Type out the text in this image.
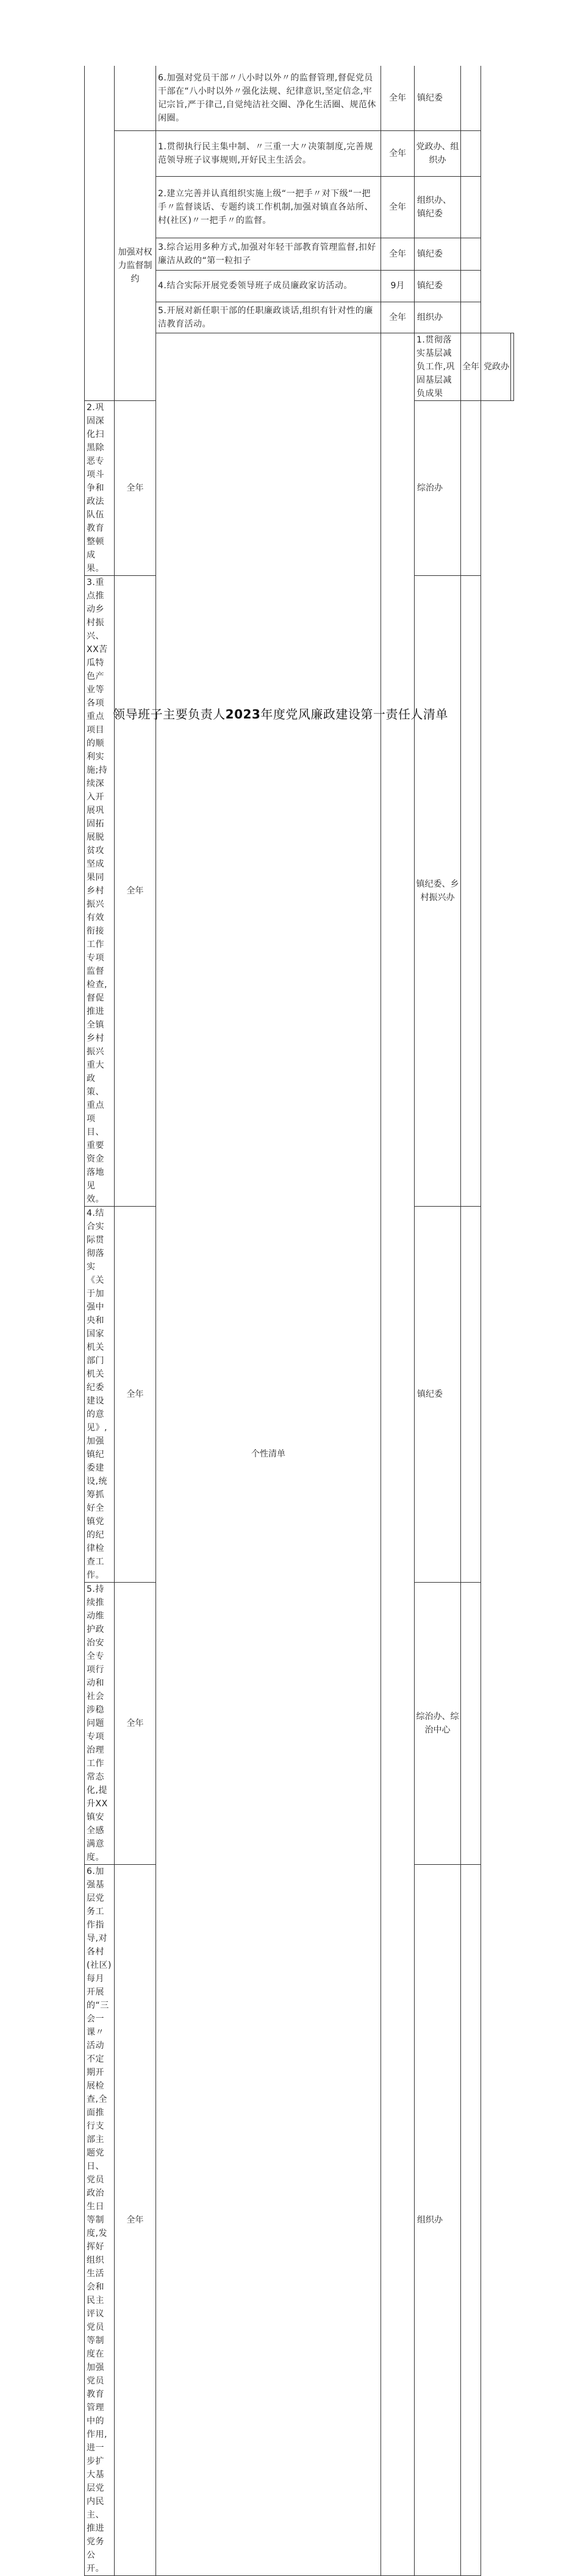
		6.加强对党员干部〃八小时以外〃的监督管理,督促党员干部在“八小时以外〃强化法规、纪律意识,坚定信念,牢记宗旨,严于律己,自觉纯洁社交圈、净化生活圈、规范休闲圈。	全年	镇纪委			
	加强对权力监督制约	1.贯彻执行民主集中制、〃三重一大〃决策制度,完善规范领导班子议事规则,开好民主生活会。	全年	党政办、组织办			
		2.建立完善并认真组织实施上级“一把手〃对下级“一把手〃监督谈话、专题约谈工作机制,加强对镇直各站所、村(社区)〃一把手〃的监督。	全年	组织办、镇纪委			
		3.综合运用多种方式,加强对年轻干部教育管理监督,扣好廉洁从政的“第一粒扣子	全年	镇纪委			
		4.结合实际开展党委领导班子成员廉政家访活动。	9月	镇纪委			
		5.开展对新任职干部的任职廉政谈话,组织有针对性的廉洁教育活动。	全年	组织办			
		个性清单		1.贯彻落实基层减负工作,巩固基层减负成果	全年	党政办	
2.巩固深化扫黑除恶专项斗争和政法队伍教育整顿成果。	全年			综治办			
3.重点推动乡村振兴、XX苦瓜特色产业等各项重点项目的顺利实施;持续深入开展巩固拓展脱贫攻坚成果同乡村振兴有效衔接工作专项监督检查,督促推进全镇乡村振兴重大政策、重点项目、重要资金落地见效。	全年			镇纪委、乡村振兴办			
4.结合实际贯彻落实《关于加强中央和国家机关部门机关纪委建设的意见》,加强镇纪委建设,统筹抓好全镇党的纪律检查工作。	全年			镇纪委			
5.持续推动维护政治安全专项行动和社会涉稳问题专项治理工作常态化,提升XX镇安全感满意度。	全年			综治办、综治中心			
6.加强基层党务工作指导,对各村(社区)每月开展的“三会一课〃活动不定期开展检查,全面推行支部主题党日、党员政治生日等制度,发挥好组织生活会和民主评议党员等制度在加强党员教育管理中的作用,进一步扩大基层党内民主、推进党务公开。	全年			组织办			
领导班子主要负责人2023年度党风廉政建设第一责任人清单
